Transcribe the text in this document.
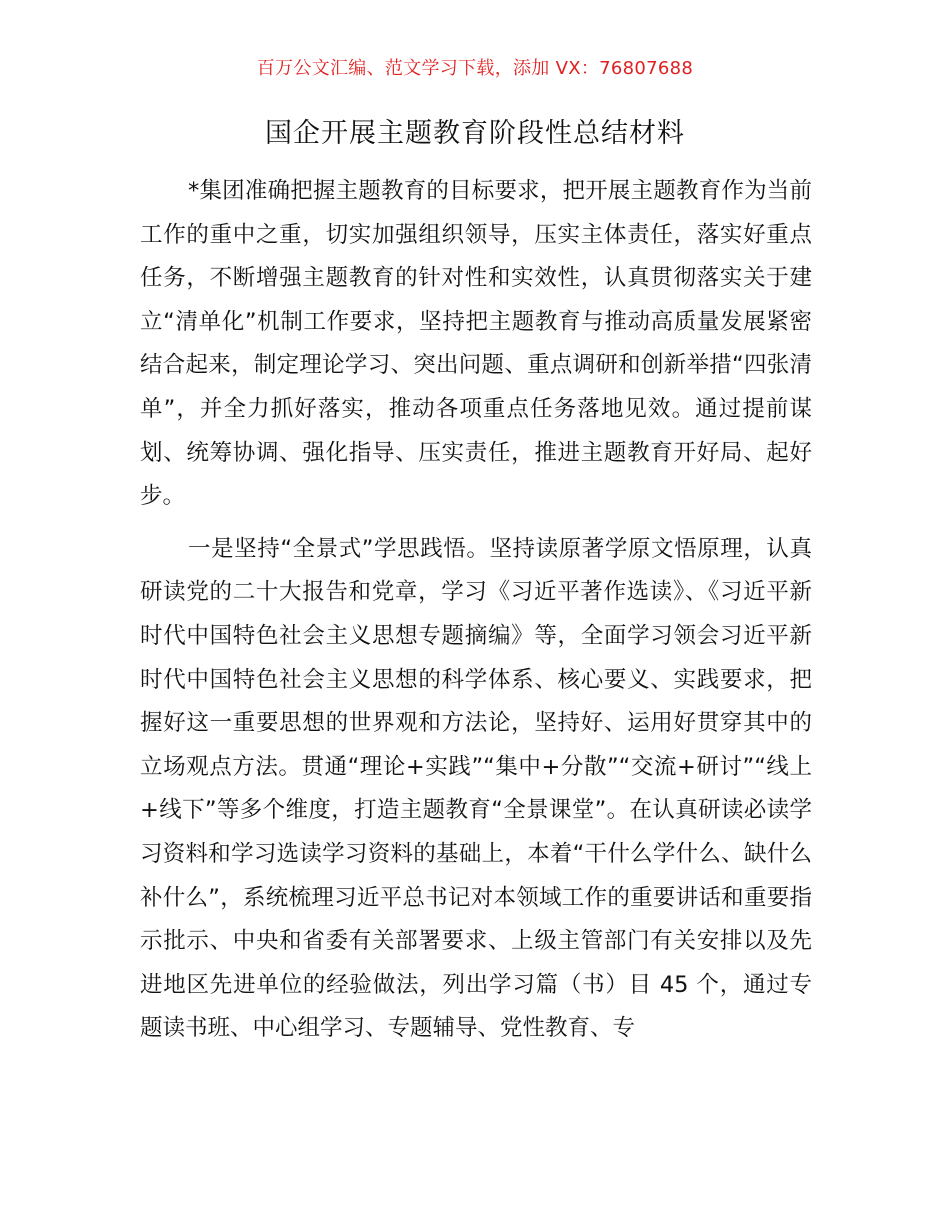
百万公文汇编、范文学习下载，添加 VX：76807688
国企开展主题教育阶段性总结材料

*集团准确把握主题教育的目标要求，把开展主题教育作为当前工作的重中之重，切实加强组织领导，压实主体责任，落实好重点任务，不断增强主题教育的针对性和实效性，认真贯彻落实关于建立“清单化”机制工作要求，坚持把主题教育与推动高质量发展紧密结合起来，制定理论学习、突出问题、重点调研和创新举措“四张清单”，并全力抓好落实，推动各项重点任务落地见效。通过提前谋划、统筹协调、强化指导、压实责任，推进主题教育开好局、起好步。

一是坚持“全景式”学思践悟。坚持读原著学原文悟原理，认真研读党的二十大报告和党章，学习《习近平著作选读》、《习近平新时代中国特色社会主义思想专题摘编》等，全面学习领会习近平新时代中国特色社会主义思想的科学体系、核心要义、实践要求，把握好这一重要思想的世界观和方法论，坚持好、运用好贯穿其中的立场观点方法。贯通“理论+实践”“集中+分散”“交流+研讨”“线上+线下”等多个维度，打造主题教育“全景课堂”。在认真研读必读学习资料和学习选读学习资料的基础上，本着“干什么学什么、缺什么补什么”，系统梳理习近平总书记对本领域工作的重要讲话和重要指示批示、中央和省委有关部署要求、上级主管部门有关安排以及先进地区先进单位的经验做法，列出学习篇（书）目 45 个，通过专题读书班、中心组学习、专题辅导、党性教育、专
